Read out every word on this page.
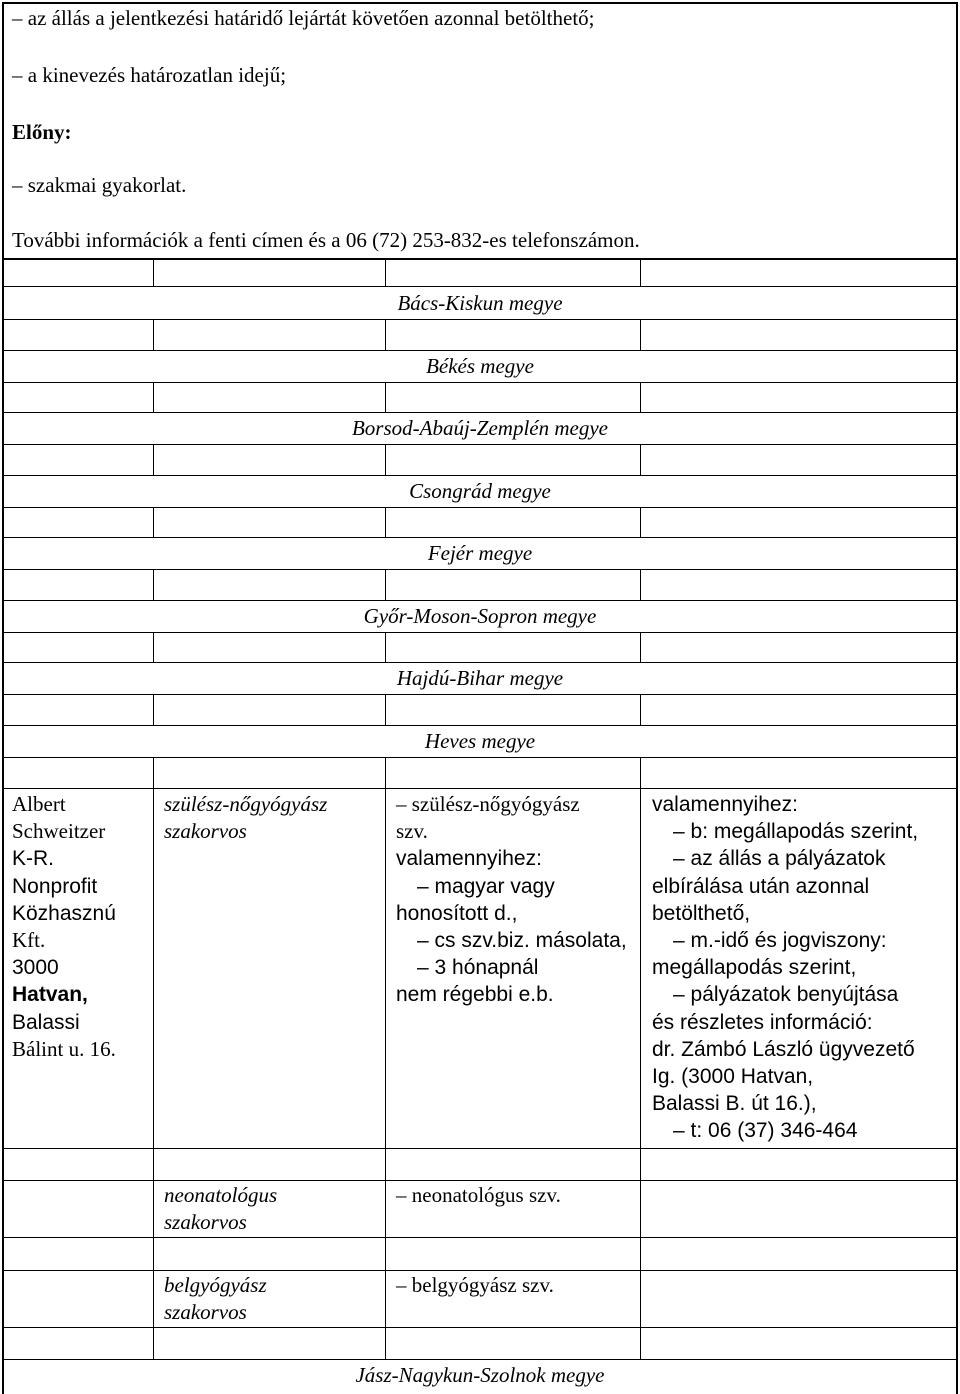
– az állás a jelentkezési határidő lejártát követően azonnal betölthető;
– a kinevezés határozatlan idejű;
Előny:
– szakmai gyakorlat.
További információk a fenti címen és a 06 (72) 253-832-es telefonszámon.
Bács-Kiskun megye
Békés megye
Borsod-Abaúj-Zemplén megye
Csongrád megye
Fejér megye
Győr-Moson-Sopron megye
Hajdú-Bihar megye
Heves megye
Albert
Schweitzer
K-R.
Nonprofit
Közhasznú
Kft.
3000
Hatvan,
Balassi
Bálint u. 16.
szülész-nőgyógyász
szakorvos
– szülész-nőgyógyász
szv.
valamennyihez:
– magyar vagy
honosított d.,
– cs szv.biz. másolata,
– 3 hónapnál
nem régebbi e.b.
valamennyihez:
– b: megállapodás szerint,
– az állás a pályázatok
elbírálása után azonnal
betölthető,
– m.-idő és jogviszony:
megállapodás szerint,
– pályázatok benyújtása
és részletes információ:
dr. Zámbó László ügyvezető
Ig. (3000 Hatvan,
Balassi B. út 16.),
– t: 06 (37) 346-464
neonatológus
szakorvos
– neonatológus szv.
belgyógyász
szakorvos
– belgyógyász szv.
Jász-Nagykun-Szolnok megye
